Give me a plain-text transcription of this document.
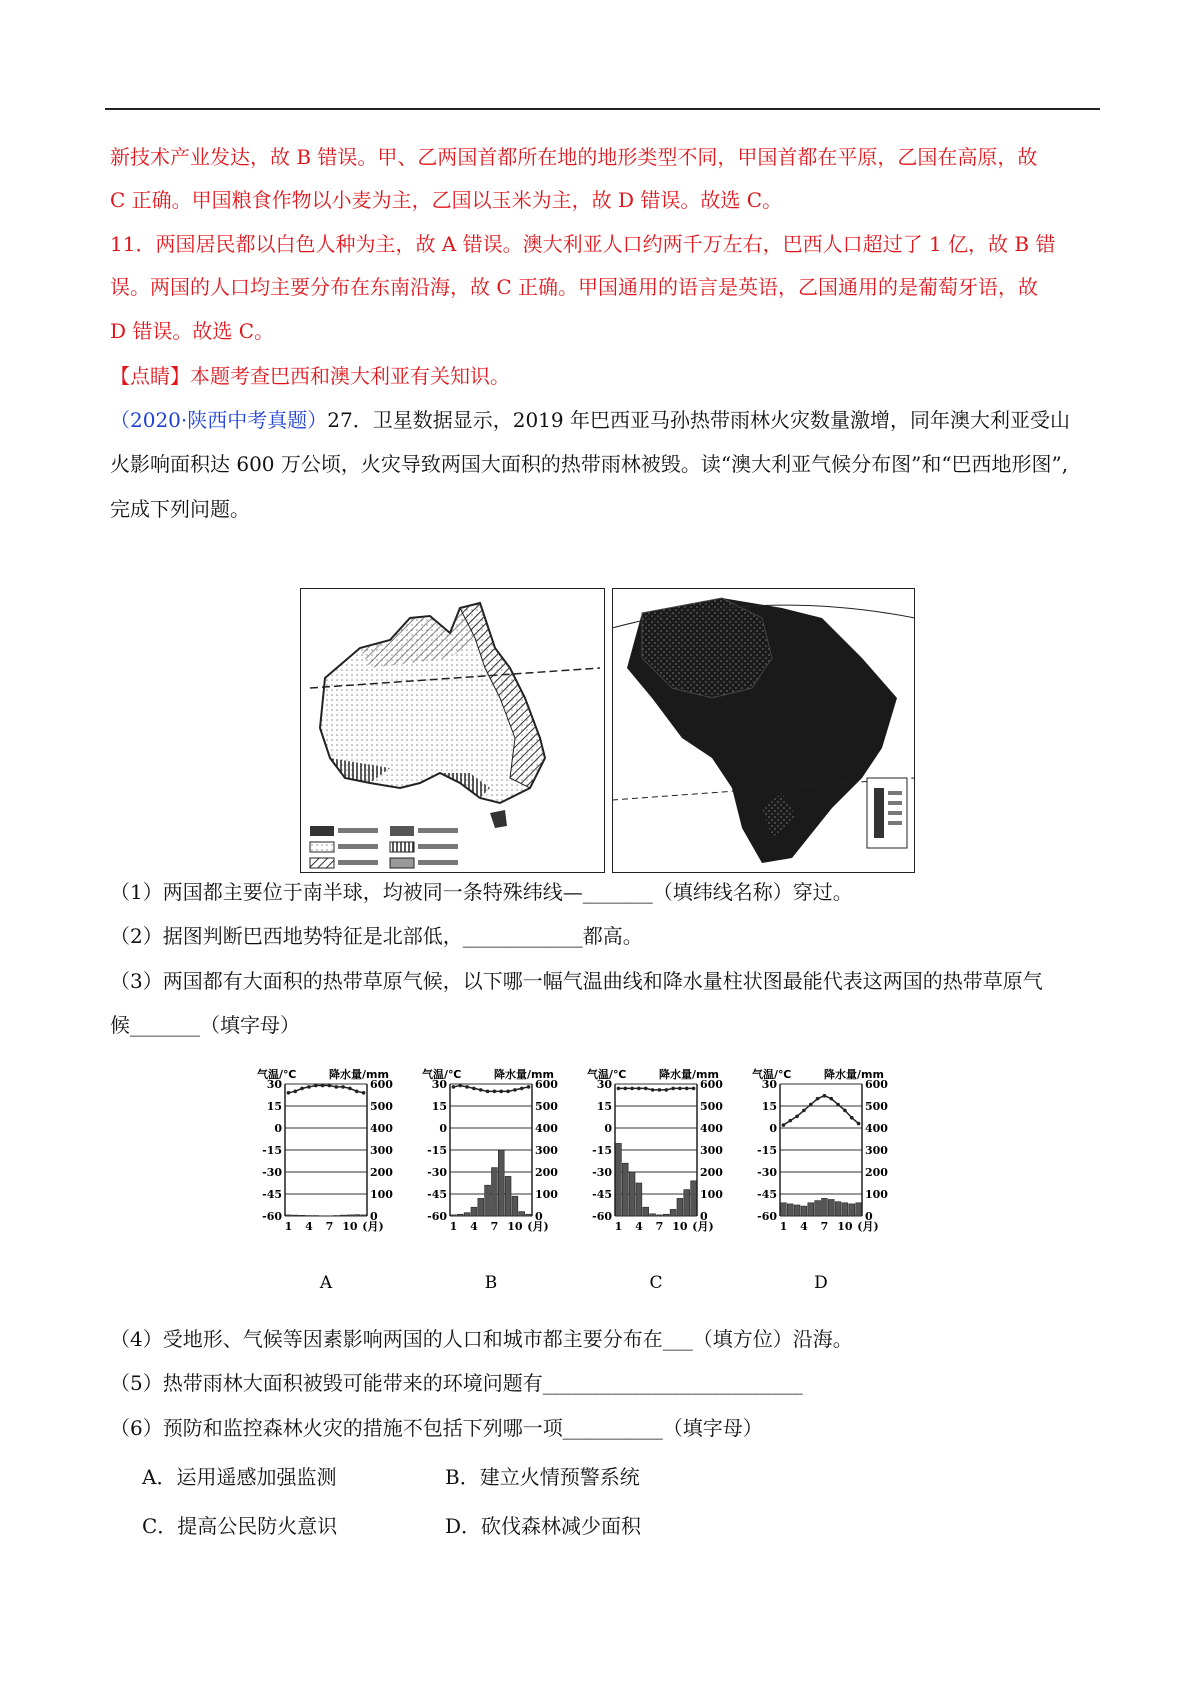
新技术产业发达，故 B 错误。甲、乙两国首都所在地的地形类型不同，甲国首都在平原，乙国在高原，故
C 正确。甲国粮食作物以小麦为主，乙国以玉米为主，故 D 错误。故选 C。
11．两国居民都以白色人种为主，故 A 错误。澳大利亚人口约两千万左右，巴西人口超过了 1 亿，故 B 错
误。两国的人口均主要分布在东南沿海，故 C 正确。甲国通用的语言是英语，乙国通用的是葡萄牙语，故
D 错误。故选 C。
【点睛】本题考查巴西和澳大利亚有关知识。
（2020·陕西中考真题）27．卫星数据显示，2019 年巴西亚马孙热带雨林火灾数量激增，同年澳大利亚受山
火影响面积达 600 万公顷，火灾导致两国大面积的热带雨林被毁。读“澳大利亚气候分布图”和“巴西地形图”,
完成下列问题。
（1）两国都主要位于南半球，均被同一条特殊纬线—_______（填纬线名称）穿过。
（2）据图判断巴西地势特征是北部低，____________都高。
（3）两国都有大面积的热带草原气候，以下哪一幅气温曲线和降水量柱状图最能代表这两国的热带草原气
候_______（填字母）
气温/℃	降水量/mm
30	600
15	500
0	400
-15	300
-30	200
-45	100
-60	0
1 4 7 10 (月)
A
气温/℃	降水量/mm
30	600
15	500
0	400
-15	300
-30	200
-45	100
-60	0
1 4 7 10 (月)
B
气温/℃	降水量/mm
30	600
15	500
0	400
-15	300
-30	200
-45	100
-60	0
1 4 7 10 (月)
C
气温/℃	降水量/mm
30	600
15	500
0	400
-15	300
-30	200
-45	100
-60	0
1 4 7 10 (月)
D
（4）受地形、气候等因素影响两国的人口和城市都主要分布在___（填方位）沿海。
（5）热带雨林大面积被毁可能带来的环境问题有__________________________
（6）预防和监控森林火灾的措施不包括下列哪一项__________（填字母）
A．运用遥感加强监测	B．建立火情预警系统
C．提高公民防火意识	D．砍伐森林减少面积
